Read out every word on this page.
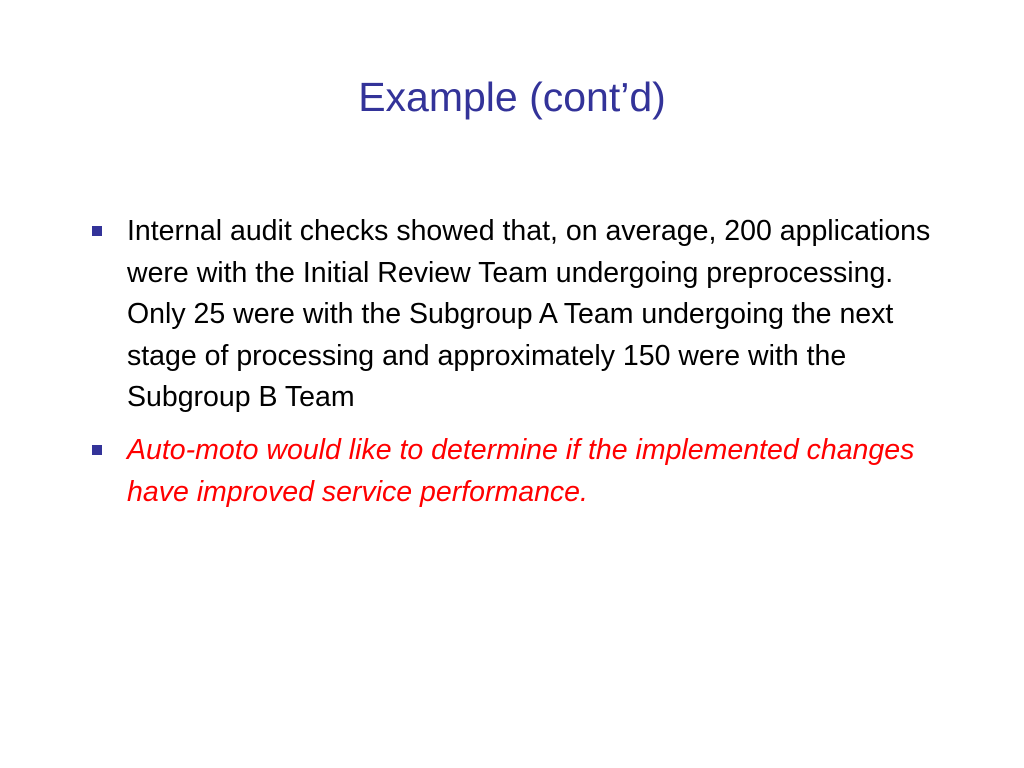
Example (cont’d)
Internal audit checks showed that, on average, 200 applications were with the Initial Review Team undergoing preprocessing.  Only 25 were with the Subgroup A Team undergoing the next stage of processing and approximately 150 were with the Subgroup B Team
Auto-moto would like to determine if the implemented changes have improved service performance.
